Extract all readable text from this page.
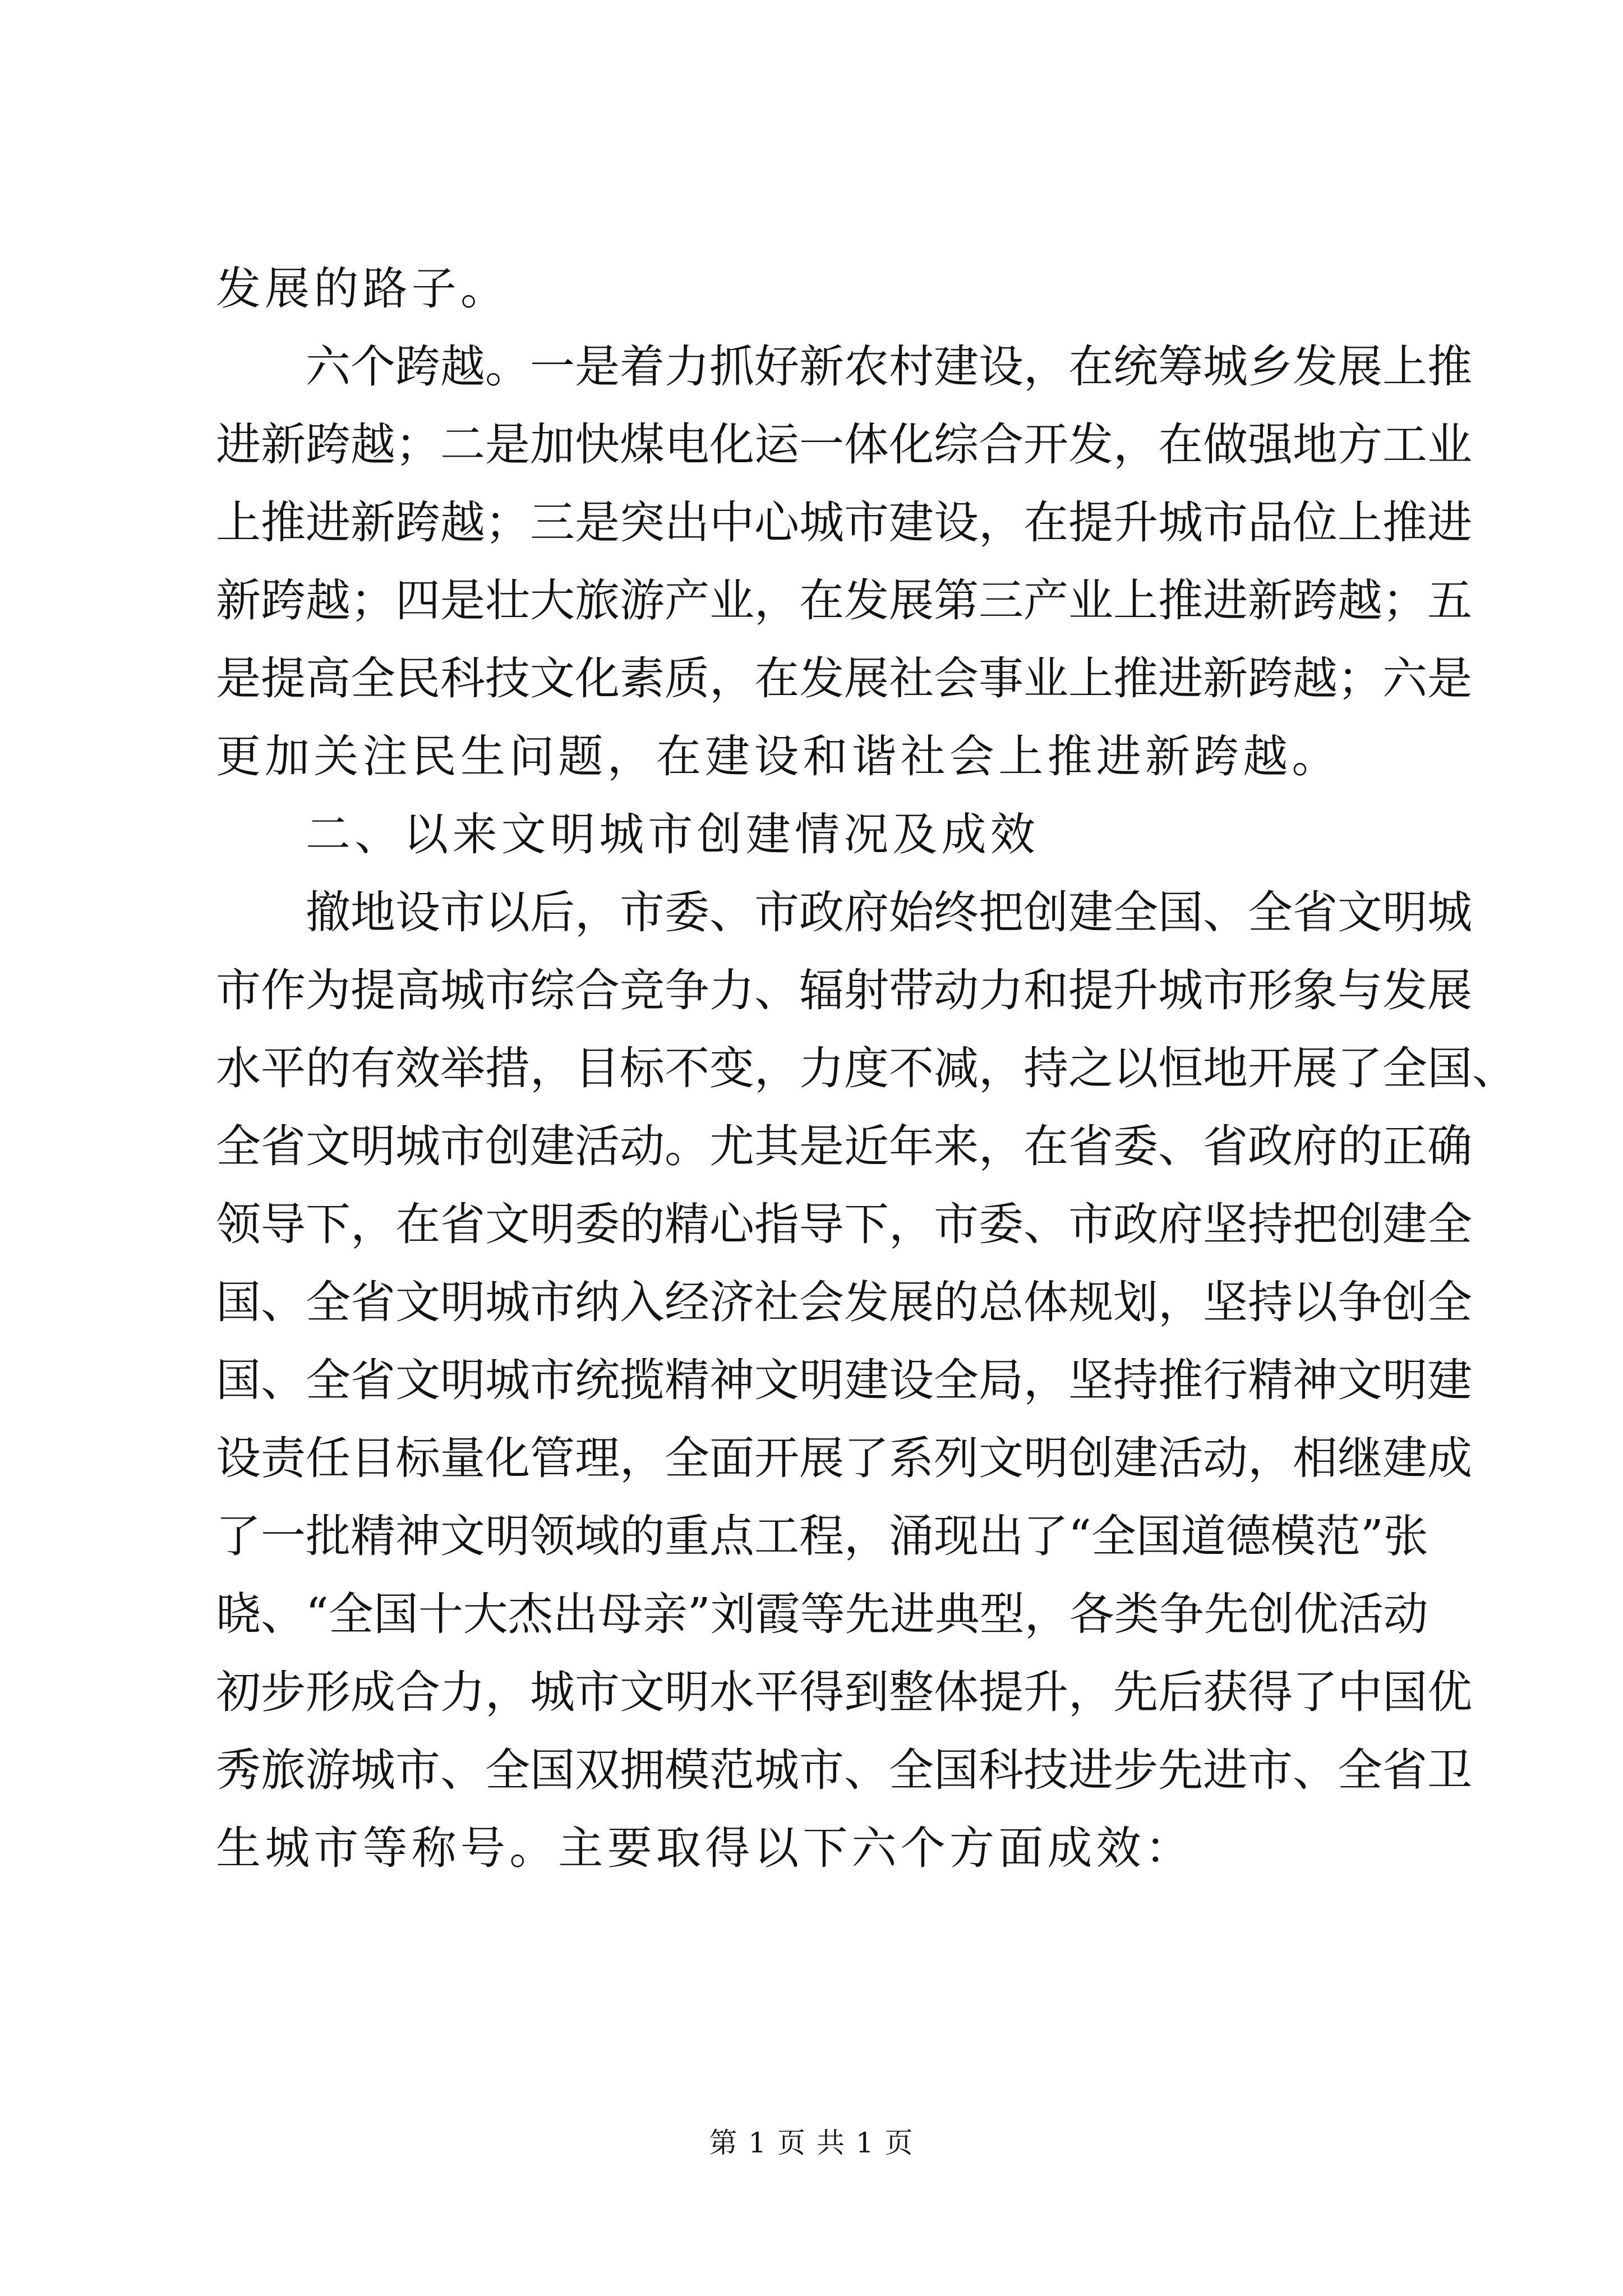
发展的路子。
六个跨越。一是着力抓好新农村建设，在统筹城乡发展上推
进新跨越；二是加快煤电化运一体化综合开发，在做强地方工业
上推进新跨越；三是突出中心城市建设，在提升城市品位上推进
新跨越；四是壮大旅游产业，在发展第三产业上推进新跨越；五
是提高全民科技文化素质，在发展社会事业上推进新跨越；六是
更加关注民生问题，在建设和谐社会上推进新跨越。
二、以来文明城市创建情况及成效
撤地设市以后，市委、市政府始终把创建全国、全省文明城
市作为提高城市综合竞争力、辐射带动力和提升城市形象与发展
水平的有效举措，目标不变，力度不减，持之以恒地开展了全国、
全省文明城市创建活动。尤其是近年来，在省委、省政府的正确
领导下，在省文明委的精心指导下，市委、市政府坚持把创建全
国、全省文明城市纳入经济社会发展的总体规划，坚持以争创全
国、全省文明城市统揽精神文明建设全局，坚持推行精神文明建
设责任目标量化管理，全面开展了系列文明创建活动，相继建成
了一批精神文明领域的重点工程，涌现出了“全国道德模范”张
晓、“全国十大杰出母亲”刘霞等先进典型，各类争先创优活动
初步形成合力，城市文明水平得到整体提升，先后获得了中国优
秀旅游城市、全国双拥模范城市、全国科技进步先进市、全省卫
生城市等称号。主要取得以下六个方面成效：
第 1 页 共 1 页
